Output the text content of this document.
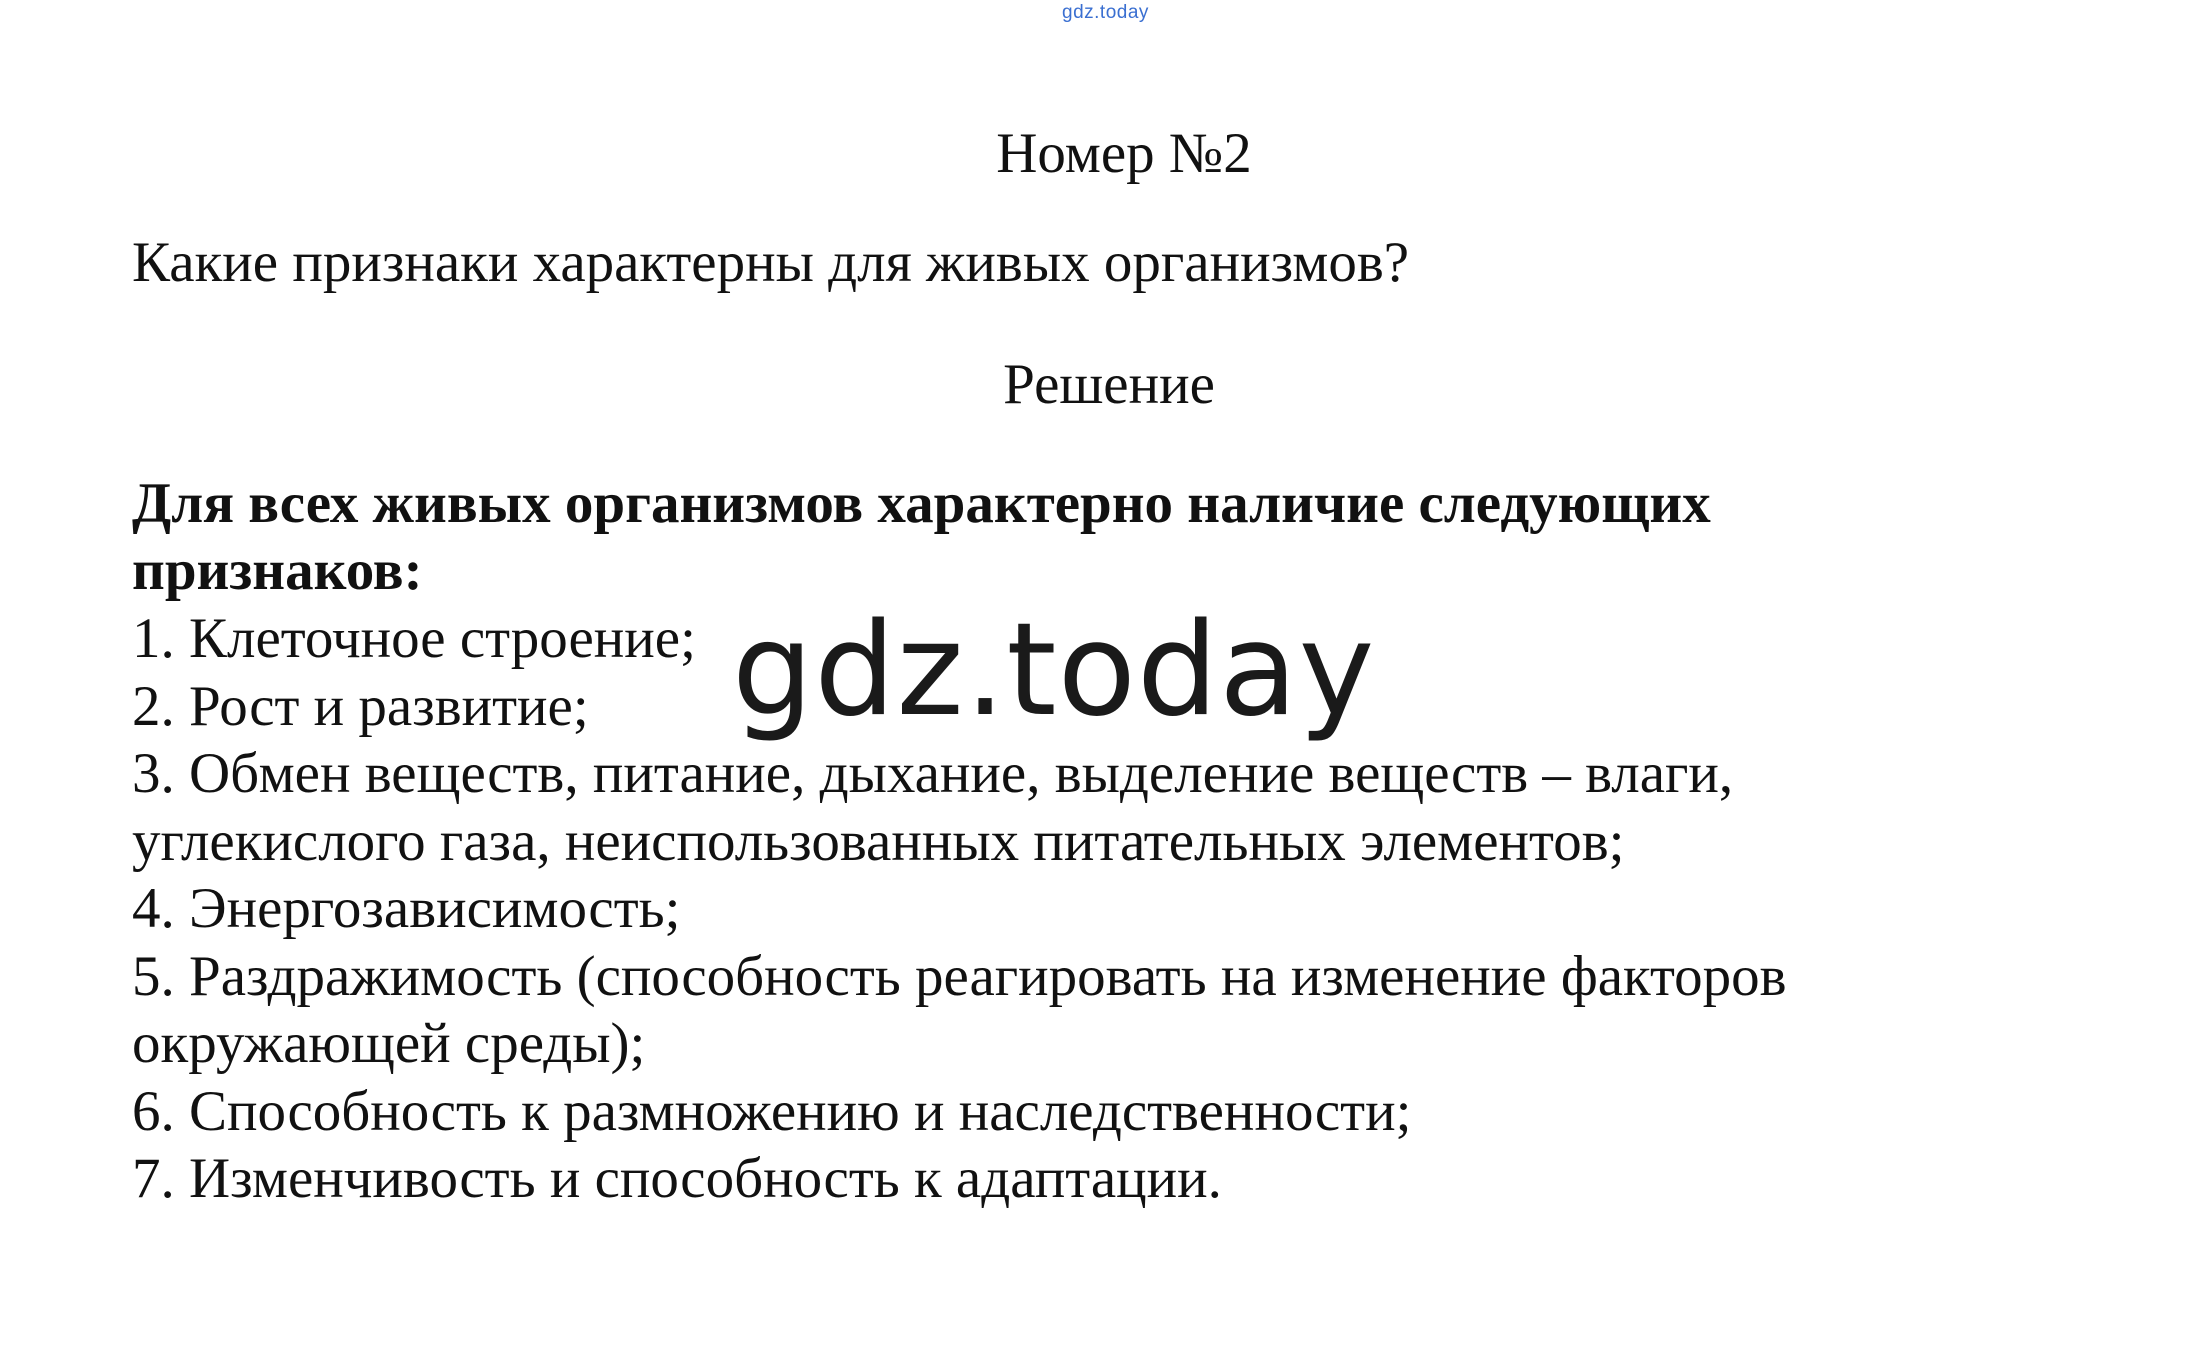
gdz.today
Номер №2
Какие признаки характерны для живых организмов?
Решение
Для всех живых организмов характерно наличие следующих признаков:
1. Клеточное строение;
2. Рост и развитие;
3. Обмен веществ, питание, дыхание, выделение веществ – влаги, углекислого газа, неиспользованных питательных элементов;
4. Энергозависимость;
5. Раздражимость (способность реагировать на изменение факторов окружающей среды);
6. Способность к размножению и наследственности;
7. Изменчивость и способность к адаптации.
gdz.today
